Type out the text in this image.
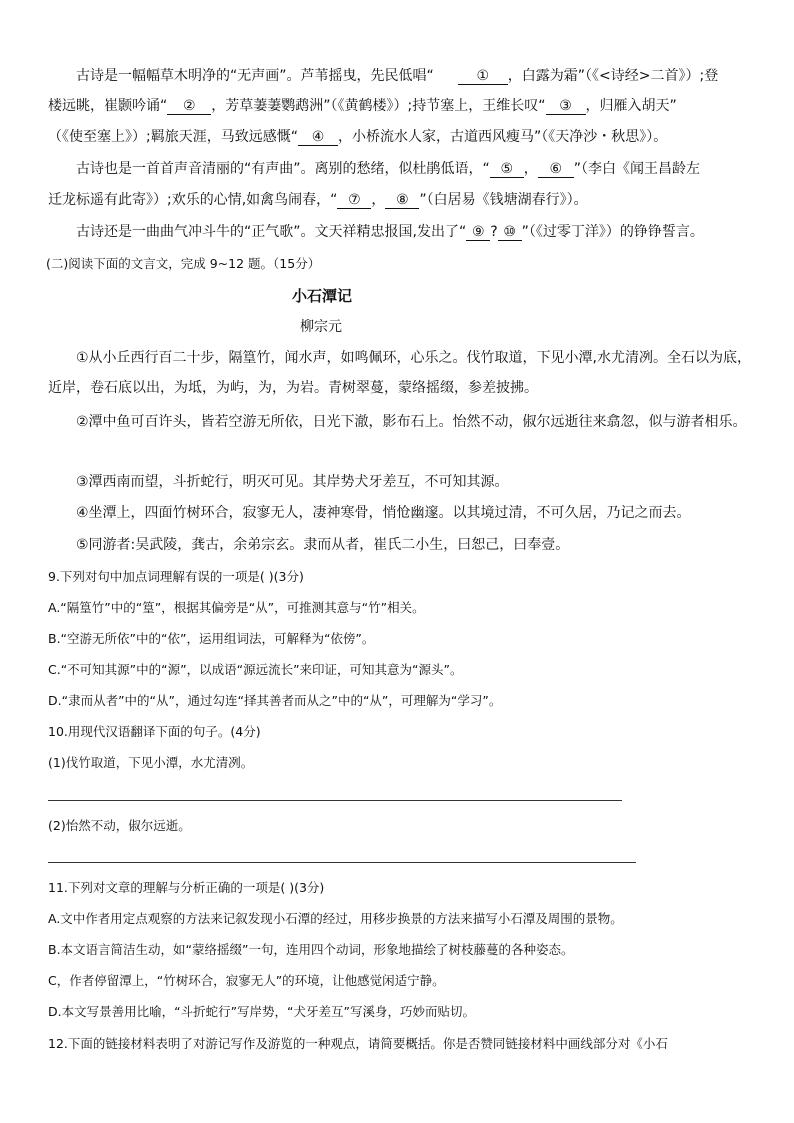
古诗是一幅幅草木明净的“无声画”。芦苇摇曳，先民低唱“	① ，白露为霜”（《<诗经>二首》）;登
楼远眺，崔颢吟诵“ ② ，芳草萋萋鹦鹉洲”（《黄鹤楼》）;持节塞上，王维长叹“ ③ ，归雁入胡天”
（《使至塞上》）;羁旅天涯，马致远感慨“ ④ ，小桥流水人家，古道西风瘦马”（《天净沙・秋思》）。
古诗也是一首首声音清丽的“有声曲”。离别的愁绪，似杜鹃低语，“ ⑤ ， ⑥ ”（李白《闻王昌龄左
迁龙标遥有此寄》）;欢乐的心情,如禽鸟闹春，“ ⑦ ， ⑧ ”（白居易《钱塘湖春行》）。
古诗还是一曲曲气冲斗牛的“正气歌”。文天祥精忠报国,发出了“ ⑨ ? ⑩ ”（《过零丁洋》）的铮铮誓言。
(二)阅读下面的文言文，完成 9~12 题。（15分）
小石潭记
柳宗元
①从小丘西行百二十步，隔篁竹，闻水声，如鸣佩环，心乐之。伐竹取道，下见小潭,水尤清冽。全石以为底，
近岸，卷石底以出，为坻，为屿，为，为岩。青树翠蔓，蒙络摇缀，参差披拂。
②潭中鱼可百许头，皆若空游无所依，日光下澈，影布石上。怡然不动，俶尔远逝往来翕忽，似与游者相乐。
③潭西南而望，斗折蛇行，明灭可见。其岸势犬牙差互，不可知其源。
④坐潭上，四面竹树环合，寂寥无人，凄神寒骨，悄怆幽邃。以其境过清，不可久居，乃记之而去。
⑤同游者:吴武陵，龚古，余弟宗玄。隶而从者，崔氏二小生，曰恕己，曰奉壹。
9.下列对句中加点词理解有误的一项是( )(3分)
A.“隔篁竹”中的“篁”，根据其偏旁是“从”，可推测其意与“竹”相关。
B.“空游无所依”中的“依”，运用组词法，可解释为“依傍”。
C.“不可知其源”中的“源”，以成语“源远流长”来印证，可知其意为“源头”。
D.“隶而从者”中的“从”，通过勾连“择其善者而从之”中的“从”，可理解为“学习”。
10.用现代汉语翻译下面的句子。(4分)
(1)伐竹取道，下见小潭，水尤清冽。
(2)怡然不动，俶尔远逝。
11.下列对文章的理解与分析正确的一项是( )(3分)
A.文中作者用定点观察的方法来记叙发现小石潭的经过，用移步换景的方法来描写小石潭及周围的景物。
B.本文语言简洁生动，如“蒙络摇缀”一句，连用四个动词，形象地描绘了树枝藤蔓的各种姿态。
C，作者停留潭上，“竹树环合，寂寥无人”的环境，让他感觉闲适宁静。
D.本文写景善用比喻，“斗折蛇行”写岸势，“犬牙差互”写溪身，巧妙而贴切。
12.下面的链接材料表明了对游记写作及游览的一种观点，请简要概括。你是否赞同链接材料中画线部分对《小石
